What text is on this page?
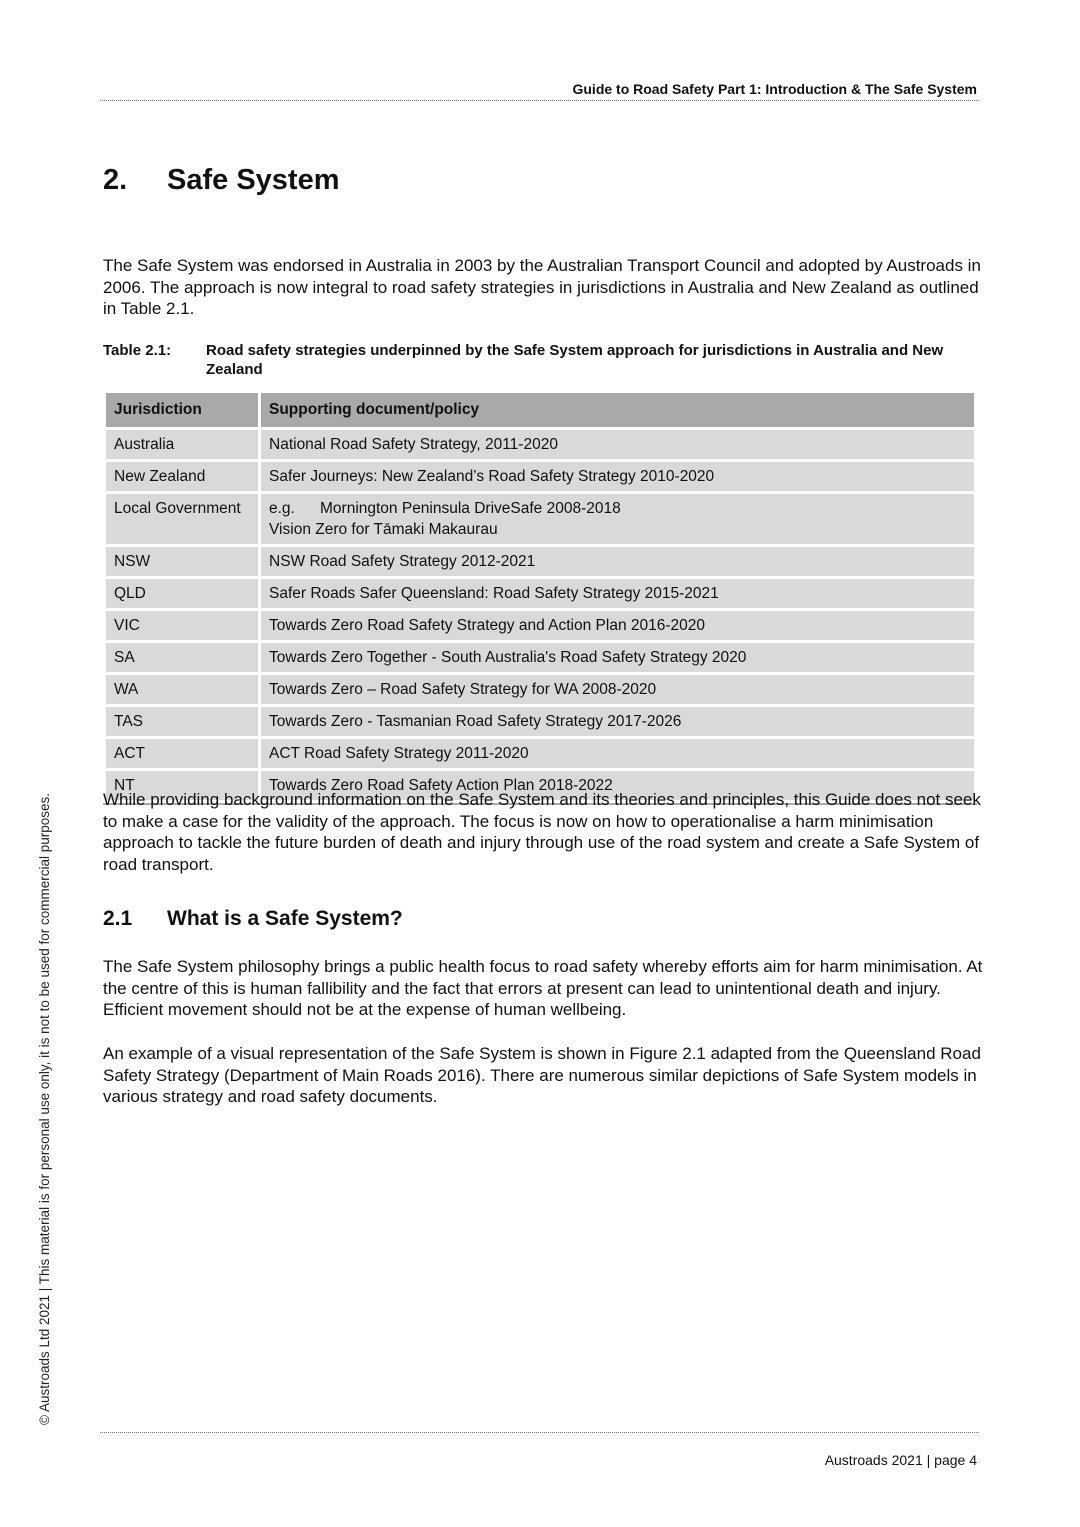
Guide to Road Safety Part 1: Introduction & The Safe System
2. Safe System
The Safe System was endorsed in Australia in 2003 by the Australian Transport Council and adopted by Austroads in 2006. The approach is now integral to road safety strategies in jurisdictions in Australia and New Zealand as outlined in Table 2.1.
Table 2.1:	Road safety strategies underpinned by the Safe System approach for jurisdictions in Australia and New Zealand
Jurisdiction	Supporting document/policy
Australia	National Road Safety Strategy, 2011-2020
New Zealand	Safer Journeys: New Zealand’s Road Safety Strategy 2010-2020
Local Government	e.g. Mornington Peninsula DriveSafe 2008-2018
Vision Zero for Tāmaki Makaurau

NSW	NSW Road Safety Strategy 2012-2021
QLD	Safer Roads Safer Queensland: Road Safety Strategy 2015-2021
VIC	Towards Zero Road Safety Strategy and Action Plan 2016-2020
SA	Towards Zero Together - South Australia's Road Safety Strategy 2020
WA	Towards Zero – Road Safety Strategy for WA 2008-2020
TAS	Towards Zero - Tasmanian Road Safety Strategy 2017-2026
ACT	ACT Road Safety Strategy 2011-2020
NT	Towards Zero Road Safety Action Plan 2018-2022
While providing background information on the Safe System and its theories and principles, this Guide does not seek to make a case for the validity of the approach. The focus is now on how to operationalise a harm minimisation approach to tackle the future burden of death and injury through use of the road system and create a Safe System of road transport.
2.1 What is a Safe System?
The Safe System philosophy brings a public health focus to road safety whereby efforts aim for harm minimisation. At the centre of this is human fallibility and the fact that errors at present can lead to unintentional death and injury. Efficient movement should not be at the expense of human wellbeing.
An example of a visual representation of the Safe System is shown in Figure 2.1 adapted from the Queensland Road Safety Strategy (Department of Main Roads 2016). There are numerous similar depictions of Safe System models in various strategy and road safety documents.
© Austroads Ltd 2021 | This material is for personal use only, it is not to be used for commercial purposes.
Austroads 2021 | page 4
